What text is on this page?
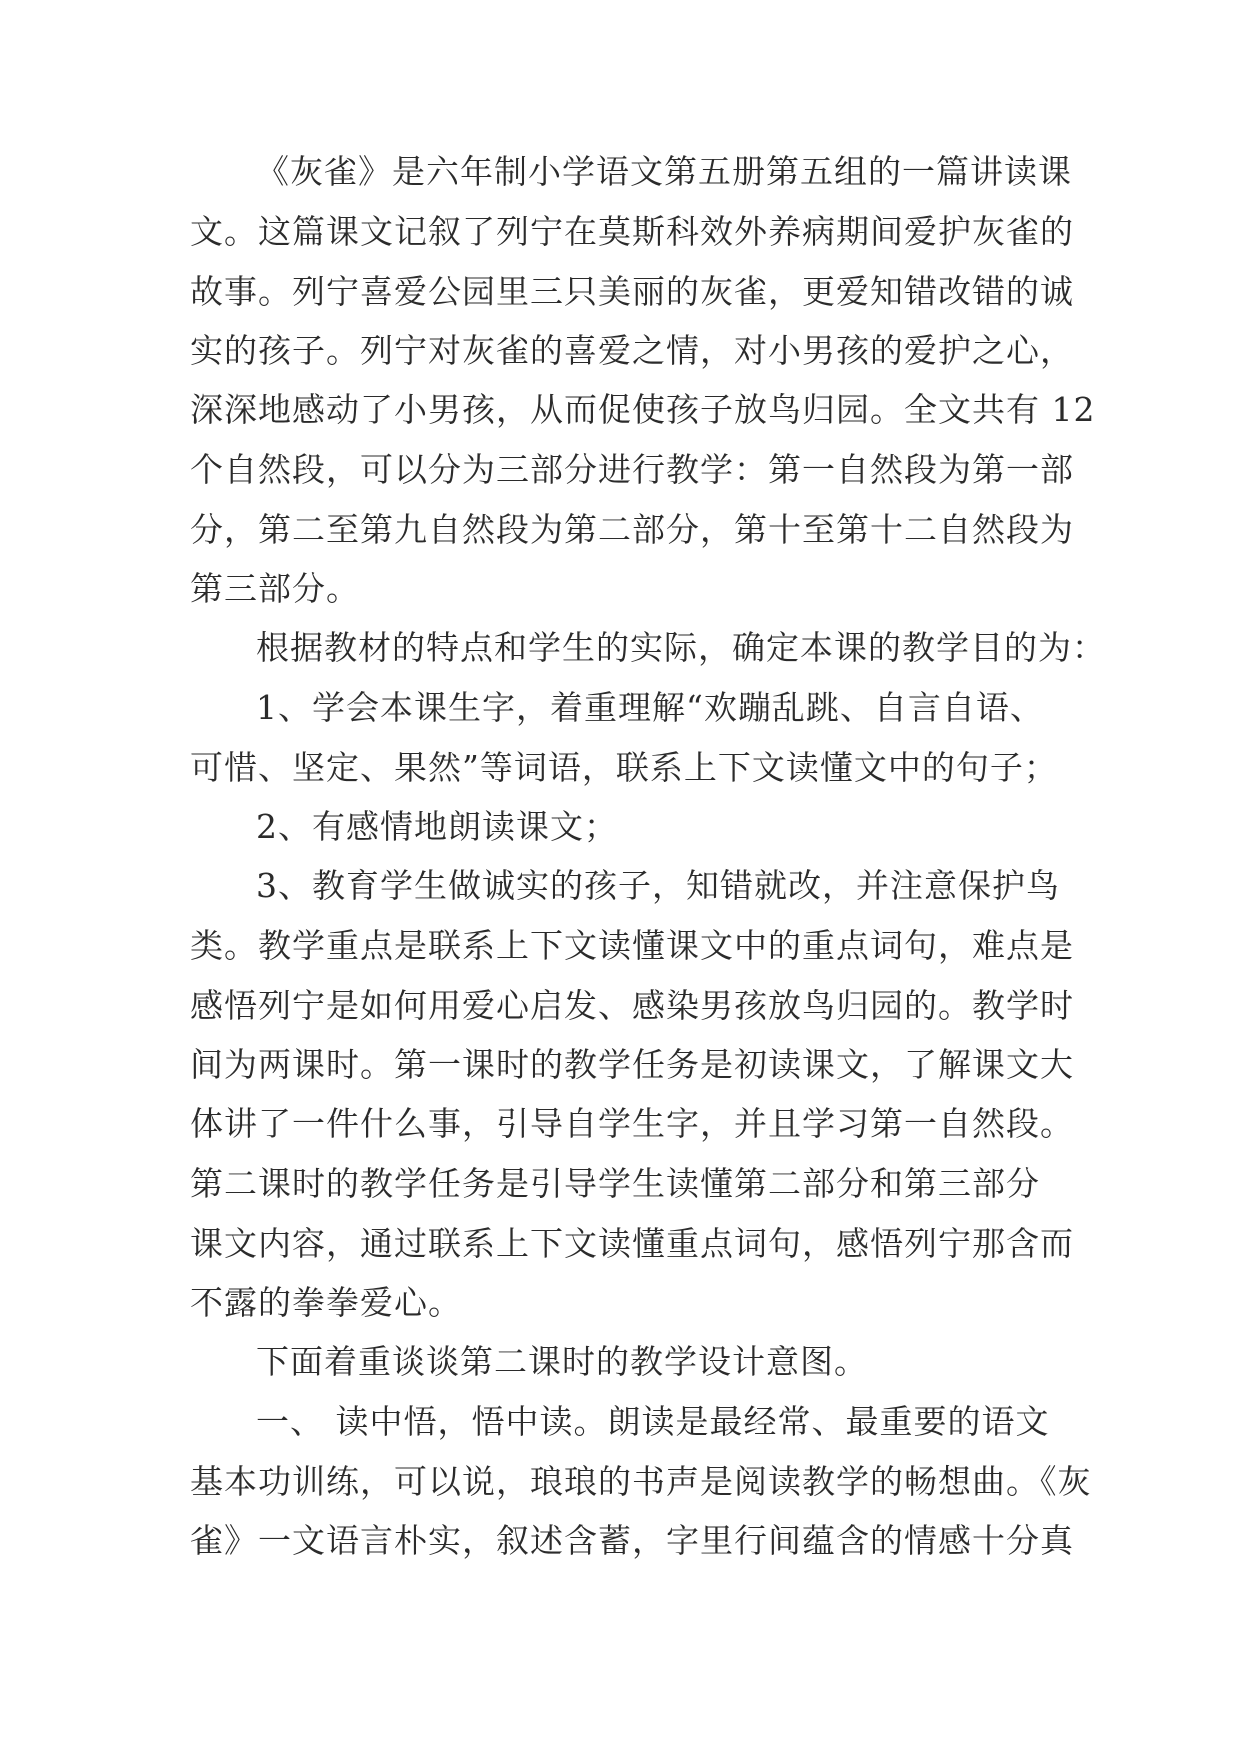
《灰雀》是六年制小学语文第五册第五组的一篇讲读课
文。这篇课文记叙了列宁在莫斯科效外养病期间爱护灰雀的
故事。列宁喜爱公园里三只美丽的灰雀，更爱知错改错的诚
实的孩子。列宁对灰雀的喜爱之情，对小男孩的爱护之心，
深深地感动了小男孩，从而促使孩子放鸟归园。全文共有 12
个自然段，可以分为三部分进行教学：第一自然段为第一部
分，第二至第九自然段为第二部分，第十至第十二自然段为
第三部分。
根据教材的特点和学生的实际，确定本课的教学目的为：
1、学会本课生字，着重理解“欢蹦乱跳、自言自语、
可惜、坚定、果然”等词语，联系上下文读懂文中的句子；
2、有感情地朗读课文；
3、教育学生做诚实的孩子，知错就改，并注意保护鸟
类。教学重点是联系上下文读懂课文中的重点词句，难点是
感悟列宁是如何用爱心启发、感染男孩放鸟归园的。教学时
间为两课时。第一课时的教学任务是初读课文，了解课文大
体讲了一件什么事，引导自学生字，并且学习第一自然段。
第二课时的教学任务是引导学生读懂第二部分和第三部分
课文内容，通过联系上下文读懂重点词句，感悟列宁那含而
不露的拳拳爱心。
下面着重谈谈第二课时的教学设计意图。
一、 读中悟，悟中读。朗读是最经常、最重要的语文
基本功训练，可以说，琅琅的书声是阅读教学的畅想曲。《灰
雀》一文语言朴实，叙述含蓄，字里行间蕴含的情感十分真
